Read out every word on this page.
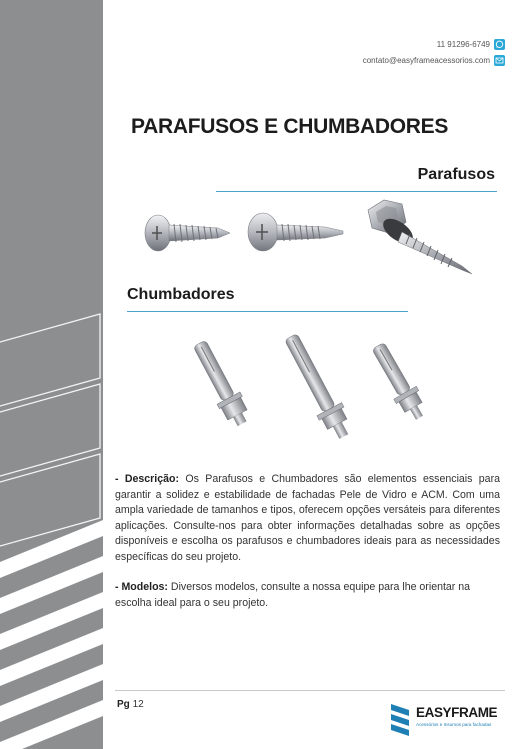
11 91296-6749
contato@easyframeacessorios.com
PARAFUSOS E CHUMBADORES
Parafusos
Chumbadores

- Descrição: Os Parafusos e Chumbadores são elementos essenciais para garantir a solidez e estabilidade de fachadas Pele de Vidro e ACM. Com uma ampla variedade de tamanhos e tipos, oferecem opções versáteis para diferentes aplicações. Consulte-nos para obter informações detalhadas sobre as opções disponíveis e escolha os parafusos e chumbadores ideais para as necessidades específicas do seu projeto.

- Modelos: Diversos modelos, consulte a nossa equipe para lhe orientar na escolha ideal para o seu projeto.

Pg 12
EASYFRAME
Acessórios e Insumos para fachadas
